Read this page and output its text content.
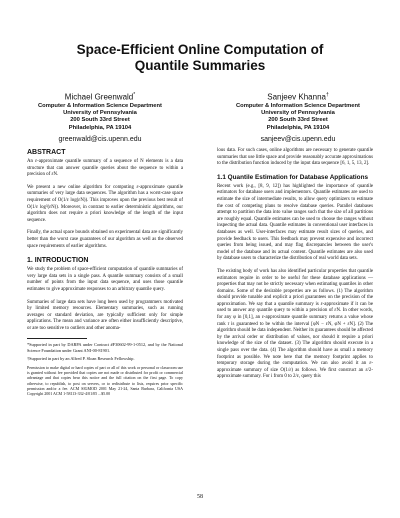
Space-Efficient Online Computation of Quantile Summaries
Michael Greenwald*
Computer & Information Science Department
University of Pennsylvania
200 South 33rd Street
Philadelphia, PA 19104
greenwald@cis.upenn.edu
Sanjeev Khanna†
Computer & Information Science Department
University of Pennsylvania
200 South 33rd Street
Philadelphia, PA 19104
sanjeev@cis.upenn.edu
ABSTRACT

An ε-approximate quantile summary of a sequence of N elements is a data structure that can answer quantile queries about the sequence to within a precision of εN.

We present a new online algorithm for computing ε-approximate quantile summaries of very large data sequences. The algorithm has a worst-case space requirement of O(1/ε log(εN)). This improves upon the previous best result of O(1/ε log²(εN)). Moreover, in contrast to earlier deterministic algorithms, our algorithm does not require a priori knowledge of the length of the input sequence.

Finally, the actual space bounds obtained on experimental data are significantly better than the worst case guarantees of our algorithm as well as the observed space requirements of earlier algorithms.

1. INTRODUCTION

We study the problem of space-efficient computation of quantile summaries of very large data sets in a single pass. A quantile summary consists of a small number of points from the input data sequence, and uses those quantile estimates to give approximate responses to an arbitrary quantile query.

Summaries of large data sets have long been used by programmers motivated by limited memory resources. Elementary summaries, such as running averages or standard deviation, are typically sufficient only for simple applications. The mean and variance are often either insufficiently descriptive, or are too sensitive to outliers and other anoma-

*Supported in part by DARPA under Contract #F30602-99-1-0512, and by the National Science Foundation under Grant ANI-00-81901.

†Supported in part by an Alfred P. Sloan Research Fellowship.

Permission to make digital or hard copies of part or all of this work or personal or classroom use is granted without fee provided that copies are not made or distributed for profit or commercial advantage and that copies bear this notice and the full citation on the first page. To copy otherwise, to republish, to post on servers, or to redistribute to lists, requires prior specific permission and/or a fee. ACM SIGMOD 2001 May 21-24, Santa Barbara, California USA Copyright 2001 ACM 1-58113-332-4/01/05 ...$5.00

lous data. For such cases, online algorithms are necessary to generate quantile summaries that use little space and provide reasonably accurate approximations to the distribution function induced by the input data sequence [6, 1, 5, 13, 2].

1.1 Quantile Estimation for Database Applications

Recent work (e.g., [8, 9, 12]) has highlighted the importance of quantile estimators for database users and implementors. Quantile estimates are used to estimate the size of intermediate results, to allow query optimizers to estimate the cost of competing plans to resolve database queries. Parallel databases attempt to partition the data into value ranges such that the size of all partitions are roughly equal. Quantile estimates can be used to choose the ranges without inspecting the actual data. Quantile estimates in conventional user interfaces in databases as well. User-interfaces may estimate result sizes of queries, and provide feedback to users. This feedback may prevent expensive and incorrect queries from being issued, and may flag discrepancies between the user's model of the database and its actual content. Quantile estimates are also used by database users to characterize the distribution of real world data sets.

The existing body of work has also identified particular properties that quantile estimators require in order to be useful for these database applications — properties that may not be strictly necessary when estimating quantiles in other domains. Some of the desirable properties are as follows. (1) The algorithm should provide tunable and explicit a priori guarantees on the precision of the approximation. We say that a quantile summary is ε-approximate if it can be used to answer any quantile query to within a precision of εN. In other words, for any φ in [0,1], an ε-approximate quantile summary returns a value whose rank r is guaranteed to be within the interval [φN − εN, φN + εN]. (2) The algorithm should be data independent. Neither its guarantees should be affected by the arrival order or distribution of values, nor should it require a priori knowledge of the size of the dataset. (3) The algorithm should execute in a single pass over the data. (4) The algorithm should have as small a memory footprint as possible. We note here that the memory footprint applies to temporary storage during the computation. We can also avoid it an ε-approximate summary of size O(1/ε) as follows. We first construct an ε/2-approximate summary. For i from 0 to 2/ε, query this

58
